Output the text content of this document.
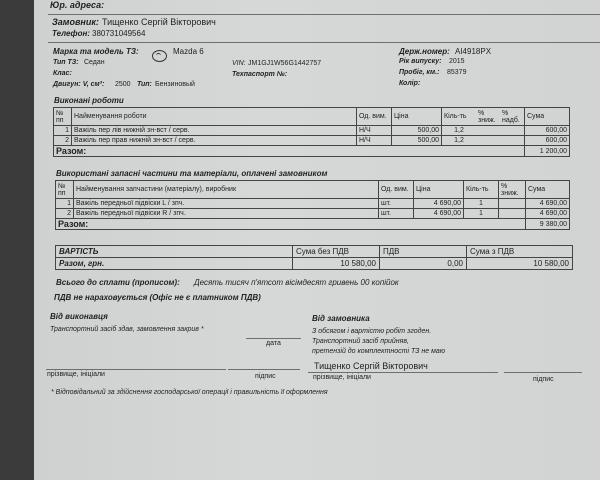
Юр. адреса:
Замовник: Тищенко Сергій Вікторович
Телефон: 380731049564
Марка та модель ТЗ:	Mazda 6
Тип ТЗ: Седан
Клас:
Двигун: V, см³: 2500 Тип: Бензиновый
VIN: JM1GJ1W56G1442757
Техпаспорт №:
Держ.номер: AI4918PX
Рік випуску: 2015
Пробіг, км.: 85379
Колір:
Виконані роботи
№ пп	Найменування роботи	Од. вим.	Ціна	Кіль-ть	% зниж.	% надб.	Сума
1	Важіль пер лів нижній зн-вст / серв.	Н/Ч	500,00	1,2			600,00
2	Важіль пер прав нижній зн-вст / серв.	Н/Ч	500,00	1,2			600,00
Разом:							1 200,00
Використані запасні частини та матеріали, оплачені замовником
№ пп	Найменування запчастини (матеріалу), виробник	Од. вим.	Ціна	Кіль-ть	% зниж.	Сума
1	Важіль передньої підвіски L / зпч.	шт.	4 690,00	1		4 690,00
2	Важіль передньої підвіски R / зпч.	шт.	4 690,00	1		4 690,00
Разом:						9 380,00
ВАРТІСТЬ	Сума без ПДВ	ПДВ	Сума з ПДВ
Разом, грн.	10 580,00	0,00	10 580,00
Всього до сплати (прописом): Десять тисяч п'ятсот вісімдесят гривень 00 копійок
ПДВ не нараховується (Офіс не є платником ПДВ)
Від виконавця
Транспортний засіб здав, замовлення закрив *
дата
прізвище, ініціали	підпис
Від замовника
З обсягом і вартістю робіт згоден.
Транспортний засіб прийняв,
претензій до комплектності ТЗ не маю
Тищенко Сергій Вікторович
прізвище, ініціали	підпис
* Відповідальний за здійснення господарської операції і правильність її оформлення
